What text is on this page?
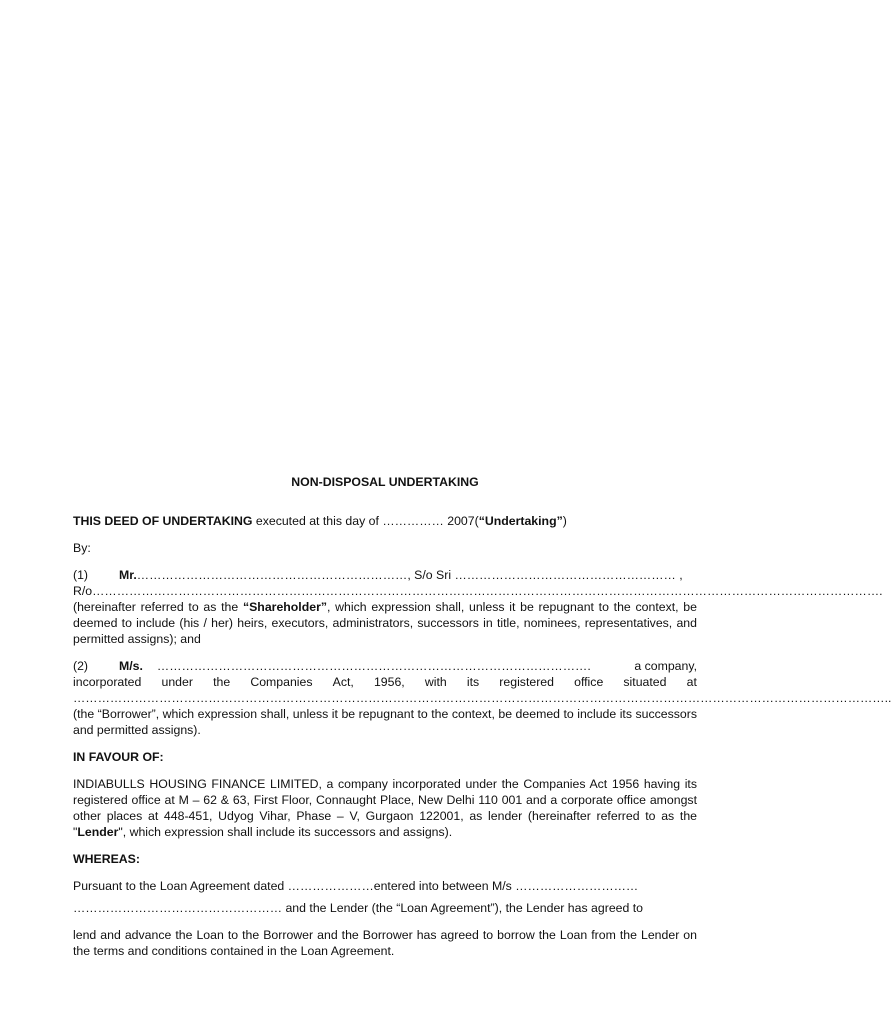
NON-DISPOSAL UNDERTAKING
THIS DEED OF UNDERTAKING executed at this day of …………… 2007(“Undertaking”)
By:
(1)	Mr. ………………………………………………………… , S/o Sri ……………………………………………… ,
R/o………………………………………………………………………………………………………………………………………………………………………….
(hereinafter referred to as the “Shareholder”, which expression shall, unless it be repugnant to the context, be deemed to include (his / her) heirs, executors, administrators, successors in title, nominees, representatives, and permitted assigns); and
(2)	M/s. …………………………………………………………………………………………….	a company,
incorporated under the Companies Act, 1956, with its registered office situated at
………………………………………………………………………………………………………………………………………………………………………………..
(the “Borrower”, which expression shall, unless it be repugnant to the context, be deemed to include its successors and permitted assigns).
IN FAVOUR OF:
INDIABULLS HOUSING FINANCE LIMITED, a company incorporated under the Companies Act 1956 having its registered office at M – 62 & 63, First Floor, Connaught Place, New Delhi 110 001 and a corporate office amongst other places at 448-451, Udyog Vihar, Phase – V, Gurgaon 122001, as lender (hereinafter referred to as the "Lender", which expression shall include its successors and assigns).
WHEREAS:
Pursuant to the Loan Agreement dated …………………entered into between M/s …………………………
…………………………………………… and the Lender (the “Loan Agreement”), the Lender has agreed to
lend and advance the Loan to the Borrower and the Borrower has agreed to borrow the Loan from the Lender on the terms and conditions contained in the Loan Agreement.
